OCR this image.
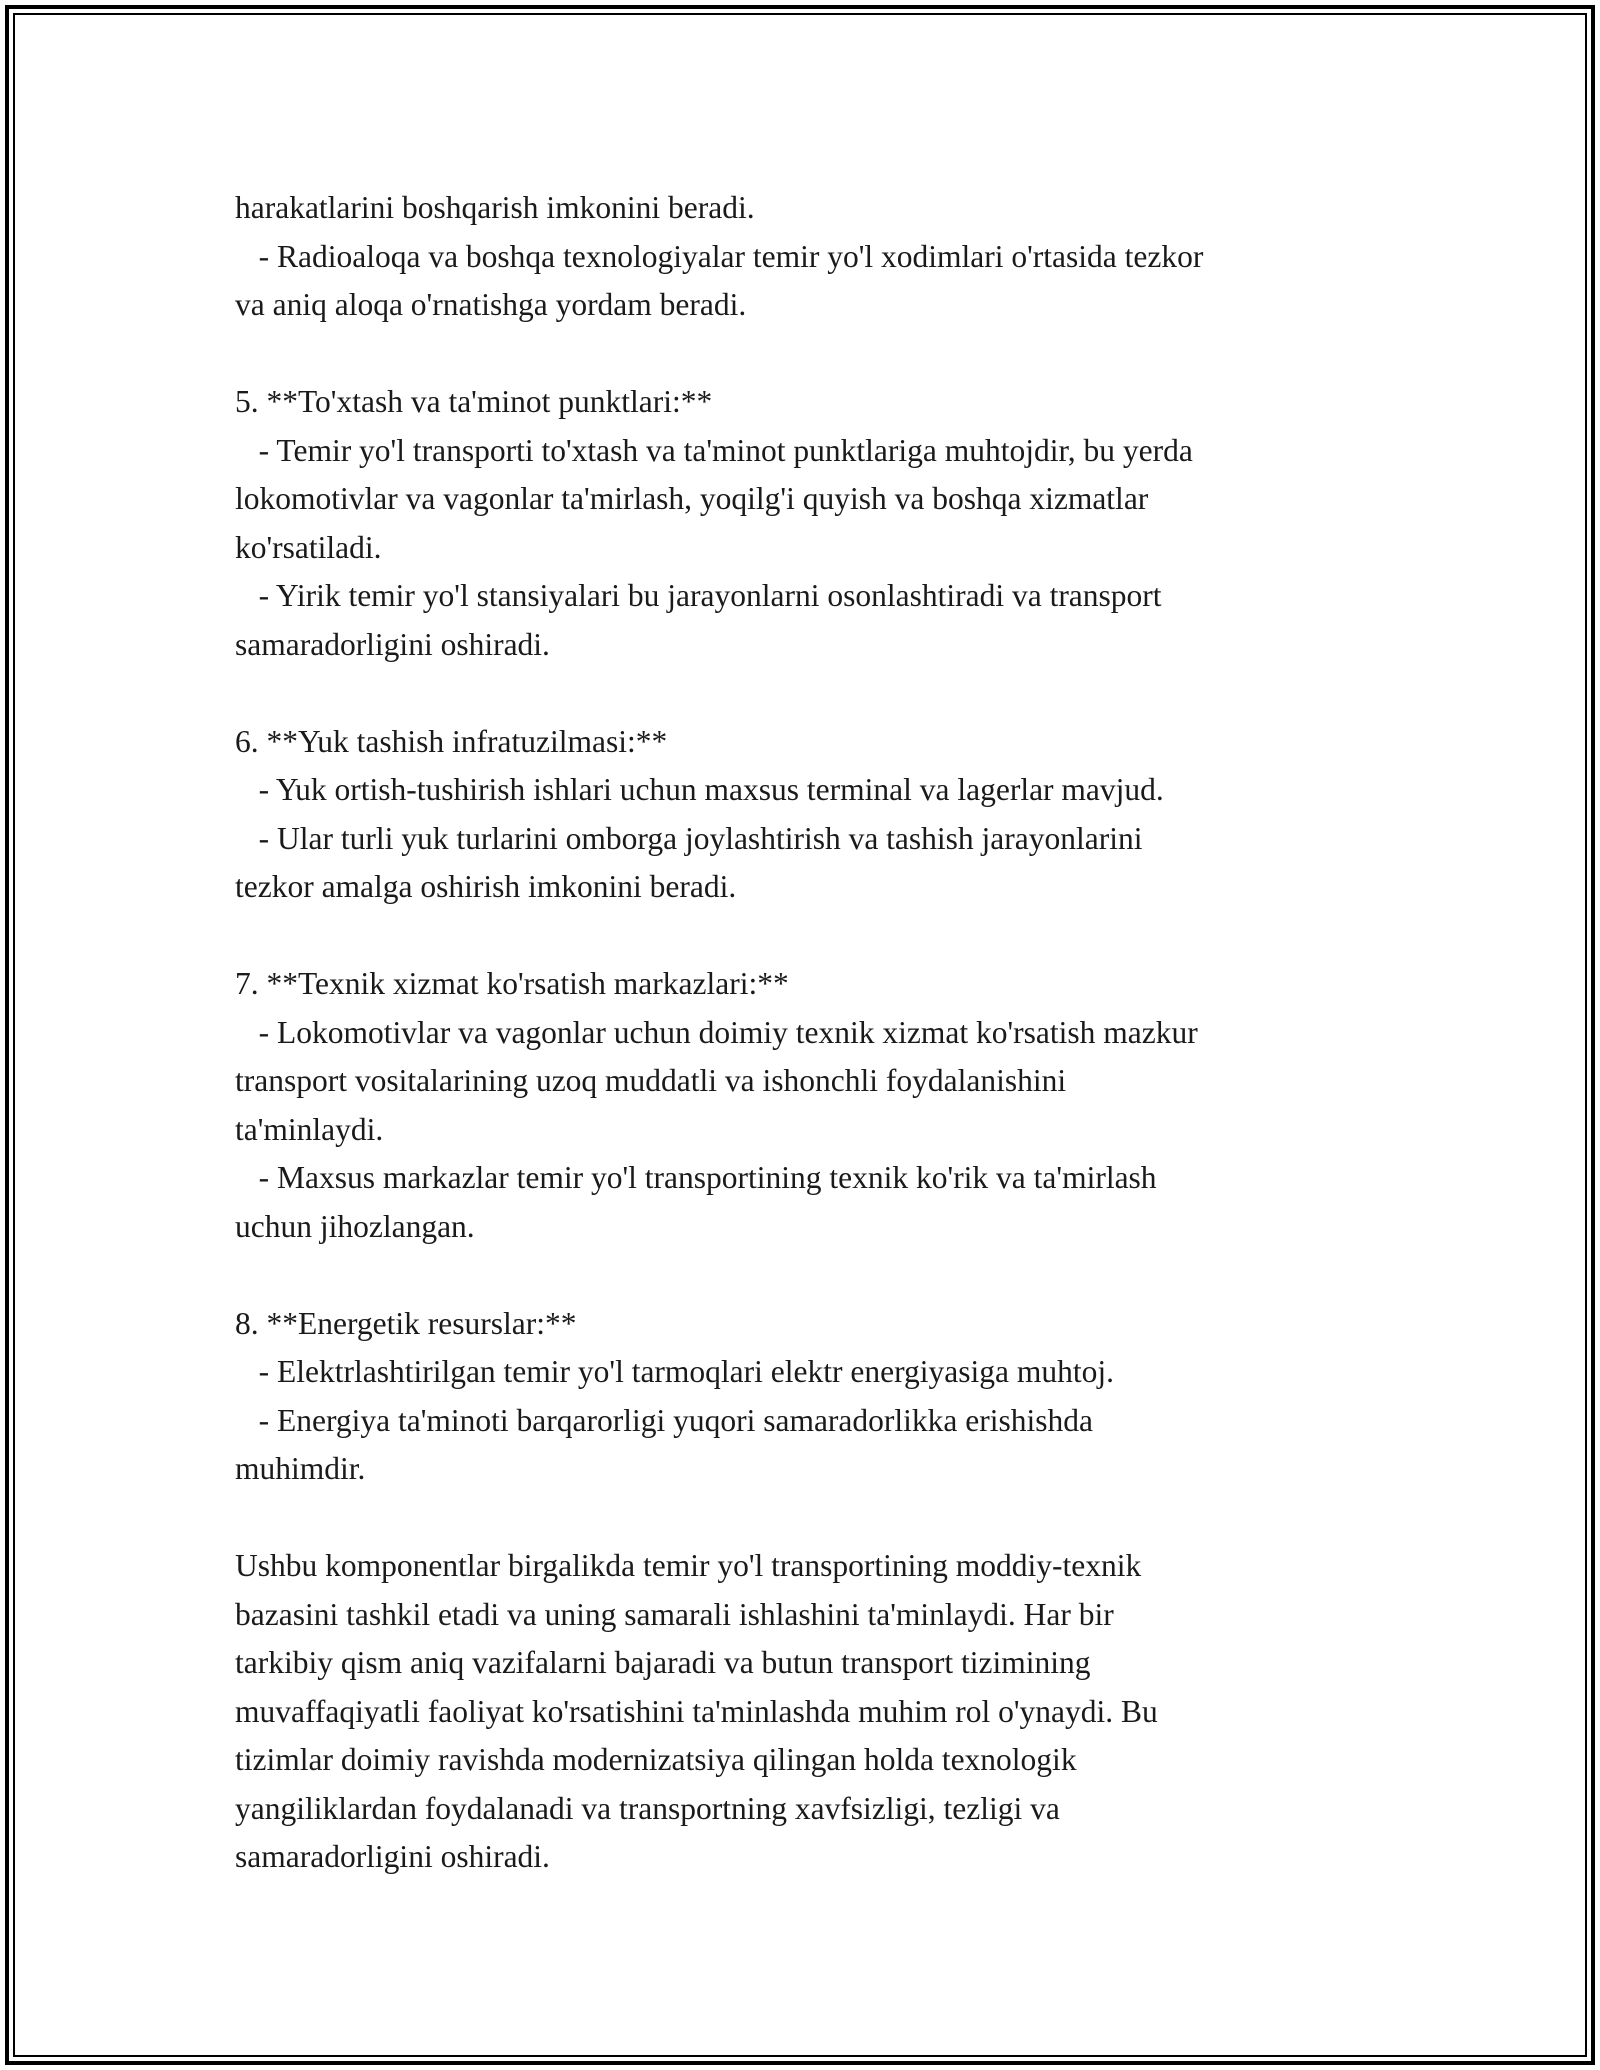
harakatlarini boshqarish imkonini beradi.
- Radioaloqa va boshqa texnologiyalar temir yo'l xodimlari o'rtasida tezkor
va aniq aloqa o'rnatishga yordam beradi.
5. **To'xtash va ta'minot punktlari:**
- Temir yo'l transporti to'xtash va ta'minot punktlariga muhtojdir, bu yerda
lokomotivlar va vagonlar ta'mirlash, yoqilg'i quyish va boshqa xizmatlar
ko'rsatiladi.
- Yirik temir yo'l stansiyalari bu jarayonlarni osonlashtiradi va transport
samaradorligini oshiradi.
6. **Yuk tashish infratuzilmasi:**
- Yuk ortish-tushirish ishlari uchun maxsus terminal va lagerlar mavjud.
- Ular turli yuk turlarini omborga joylashtirish va tashish jarayonlarini
tezkor amalga oshirish imkonini beradi.
7. **Texnik xizmat ko'rsatish markazlari:**
- Lokomotivlar va vagonlar uchun doimiy texnik xizmat ko'rsatish mazkur
transport vositalarining uzoq muddatli va ishonchli foydalanishini
ta'minlaydi.
- Maxsus markazlar temir yo'l transportining texnik ko'rik va ta'mirlash
uchun jihozlangan.
8. **Energetik resurslar:**
- Elektrlashtirilgan temir yo'l tarmoqlari elektr energiyasiga muhtoj.
- Energiya ta'minoti barqarorligi yuqori samaradorlikka erishishda
muhimdir.
Ushbu komponentlar birgalikda temir yo'l transportining moddiy-texnik
bazasini tashkil etadi va uning samarali ishlashini ta'minlaydi. Har bir
tarkibiy qism aniq vazifalarni bajaradi va butun transport tizimining
muvaffaqiyatli faoliyat ko'rsatishini ta'minlashda muhim rol o'ynaydi. Bu
tizimlar doimiy ravishda modernizatsiya qilingan holda texnologik
yangiliklardan foydalanadi va transportning xavfsizligi, tezligi va
samaradorligini oshiradi.
